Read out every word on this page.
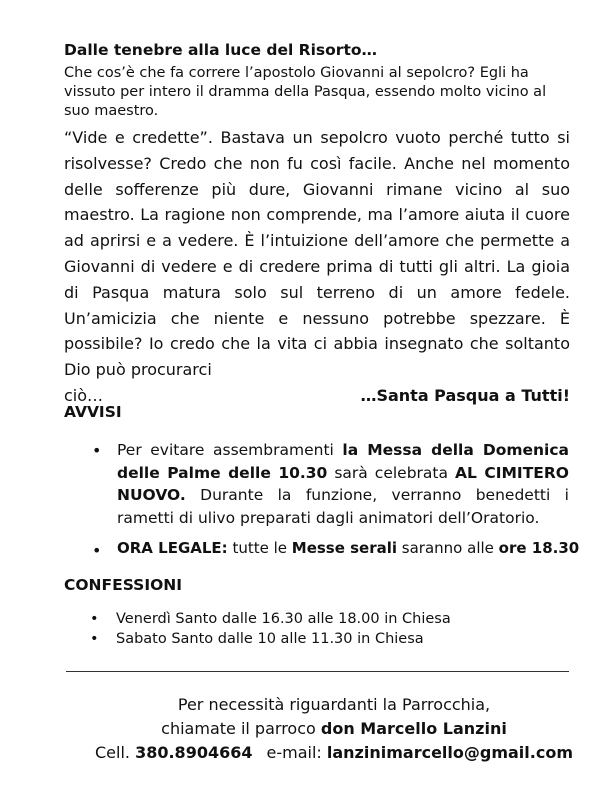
Dalle tenebre alla luce del Risorto…
Che cos’è che fa correre l’apostolo Giovanni al sepolcro? Egli ha
vissuto per intero il dramma della Pasqua, essendo molto vicino al
suo maestro.
“Vide e credette”. Bastava un sepolcro vuoto perché tutto si risolvesse? Credo che non fu così facile. Anche nel momento delle sofferenze più dure, Giovanni rimane vicino al suo maestro. La ragione non comprende, ma l’amore aiuta il cuore ad aprirsi e a vedere. È l’intuizione dell’amore che permette a Giovanni di vedere e di credere prima di tutti gli altri. La gioia di Pasqua matura solo sul terreno di un amore fedele. Un’amicizia che niente e nessuno potrebbe spezzare. È possibile? Io credo che la vita ci abbia insegnato che soltanto Dio può procurarci
ciò…	…Santa Pasqua a Tutti!
AVVISI
• Per evitare assembramenti la Messa della Domenica delle Palme delle 10.30 sarà celebrata AL CIMITERO NUOVO. Durante la funzione, verranno benedetti i rametti di ulivo preparati dagli animatori dell’Oratorio.
• ORA LEGALE: tutte le Messe serali saranno alle ore 18.30
CONFESSIONI
•	Venerdì Santo dalle 16.30 alle 18.00 in Chiesa
•	Sabato Santo dalle 10 alle 11.30 in Chiesa
Per necessità riguardanti la Parrocchia,
chiamate il parroco don Marcello Lanzini
Cell. 380.8904664 e-mail: lanzinimarcello@gmail.com
